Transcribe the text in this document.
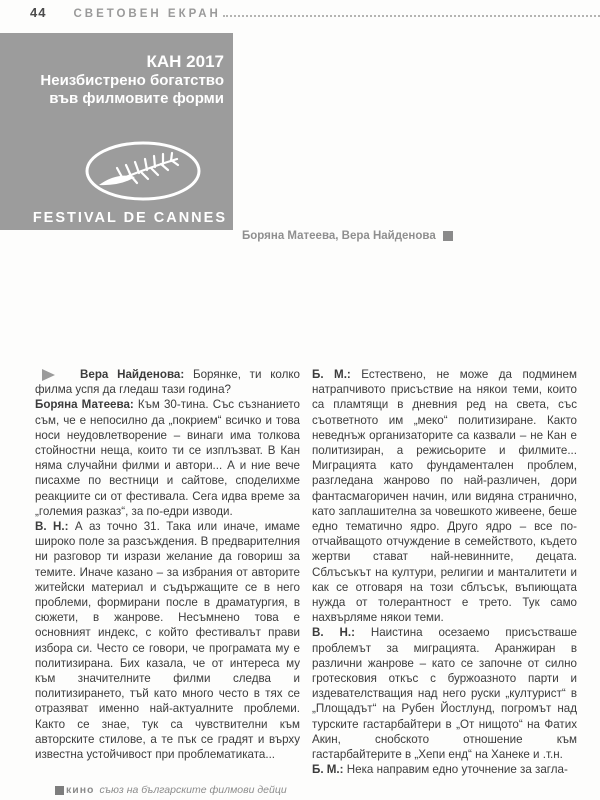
44 СВЕТОВЕН ЕКРАН
КАН 2017
Неизбистрено богатство
във филмовите форми
FESTIVAL DE CANNES
Боряна Матеева, Вера Найденова

Вера Найденова: Борянке, ти колко филма успя да гледаш тази година?

Боряна Матеева: Към 30-тина. Със съзнанието съм, че е непосилно да „покрием“ всичко и това носи неудовлетворение – винаги има толкова стойностни неща, които ти се изплъзват. В Кан няма случайни филми и автори... А и ние вече писахме по вестници и сайтове, споделихме реакциите си от фестивала. Сега идва време за „големия разказ“, за по-едри изводи.

В. Н.: А аз точно 31. Така или иначе, имаме широко поле за разсъждения. В предварителния ни разговор ти изрази желание да говориш за темите. Иначе казано – за избрания от авторите житейски материал и съдържащите се в него проблеми, формирани после в драматургия, в сюжети, в жанрове. Несъмнено това е основният индекс, с който фестивалът прави избора си. Често се говори, че програмата му е политизирана. Бих казала, че от интереса му към значителните филми следва и политизирането, тъй като много често в тях се отразяват именно най-актуалните проблеми. Както се знае, тук са чувствителни към авторските стилове, а те пък се градят и върху известна устойчивост при проблематиката...

Б. М.: Естествено, не може да подминем натрапчивото присъствие на някои теми, които са пламтящи в дневния ред на света, със съответното им „меко“ политизиране. Както неведнъж организаторите са казвали – не Кан е политизиран, а режисьорите и филмите... Миграцията като фундаментален проблем, разгледана жанрово по най-различен, дори фантасмагоричен начин, или видяна странично, като заплашителна за човешкото живеене, беше едно тематично ядро. Друго ядро – все по-отчайващото отчуждение в семейството, където жертви стават най-невинните, децата. Сблъсъкът на култури, религии и манталитети и как се отговаря на този сблъсък, въпиющата нужда от толерантност е трето. Тук само нахвърляме някои теми.

В. Н.: Наистина осезаемо присъстваше проблемът за миграцията. Аранжиран в различни жанрове – като се започне от силно гротесковия откъс с буржоазното парти и издевателстващия над него руски „културист“ в „Площадът“ на Рубен Йостлунд, погромът над турските гастарбайтери в „От нищото“ на Фатих Акин, снобското отношение към гастарбайтерите в „Хепи енд“ на Ханеке и .т.н.

Б. М.: Нека направим едно уточнение за загла-

кино съюз на българските филмови дейци
